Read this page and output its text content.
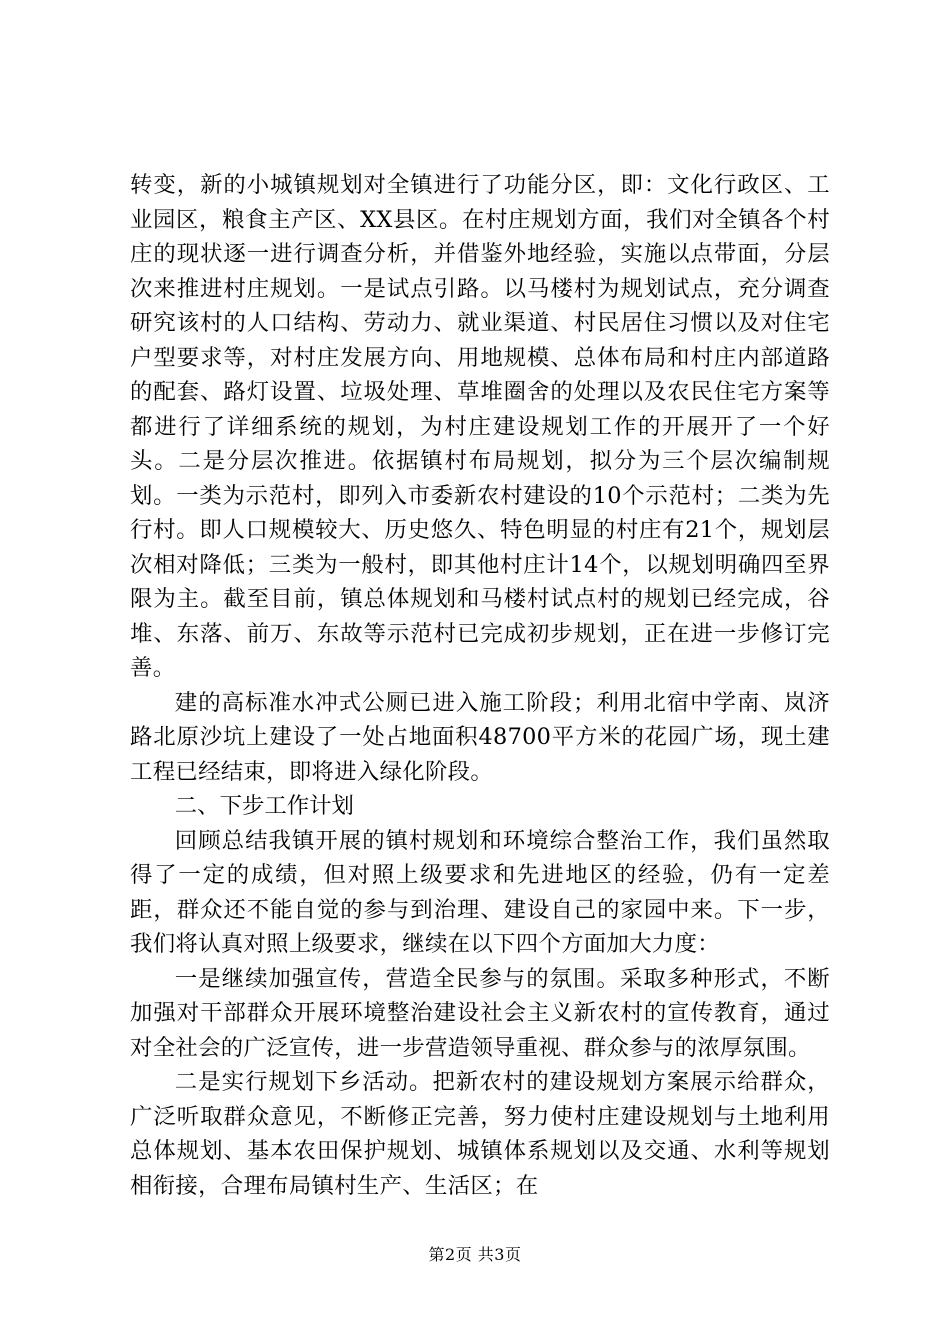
转变，新的小城镇规划对全镇进行了功能分区，即：文化行政区、工业园区，粮食主产区、XX县区。在村庄规划方面，我们对全镇各个村庄的现状逐一进行调查分析，并借鉴外地经验，实施以点带面，分层次来推进村庄规划。一是试点引路。以马楼村为规划试点，充分调查研究该村的人口结构、劳动力、就业渠道、村民居住习惯以及对住宅户型要求等，对村庄发展方向、用地规模、总体布局和村庄内部道路的配套、路灯设置、垃圾处理、草堆圈舍的处理以及农民住宅方案等都进行了详细系统的规划，为村庄建设规划工作的开展开了一个好头。二是分层次推进。依据镇村布局规划，拟分为三个层次编制规划。一类为示范村，即列入市委新农村建设的10个示范村；二类为先行村。即人口规模较大、历史悠久、特色明显的村庄有21个，规划层次相对降低；三类为一般村，即其他村庄计14个，以规划明确四至界限为主。截至目前，镇总体规划和马楼村试点村的规划已经完成，谷堆、东落、前万、东故等示范村已完成初步规划，正在进一步修订完善。

建的高标准水冲式公厕已进入施工阶段；利用北宿中学南、岚济路北原沙坑上建设了一处占地面积48700平方米的花园广场，现土建工程已经结束，即将进入绿化阶段。

二、下步工作计划

回顾总结我镇开展的镇村规划和环境综合整治工作，我们虽然取得了一定的成绩，但对照上级要求和先进地区的经验，仍有一定差距，群众还不能自觉的参与到治理、建设自己的家园中来。下一步，我们将认真对照上级要求，继续在以下四个方面加大力度：

一是继续加强宣传，营造全民参与的氛围。采取多种形式，不断加强对干部群众开展环境整治建设社会主义新农村的宣传教育，通过对全社会的广泛宣传，进一步营造领导重视、群众参与的浓厚氛围。

二是实行规划下乡活动。把新农村的建设规划方案展示给群众，广泛听取群众意见，不断修正完善，努力使村庄建设规划与土地利用总体规划、基本农田保护规划、城镇体系规划以及交通、水利等规划相衔接，合理布局镇村生产、生活区；在

第2页 共3页
